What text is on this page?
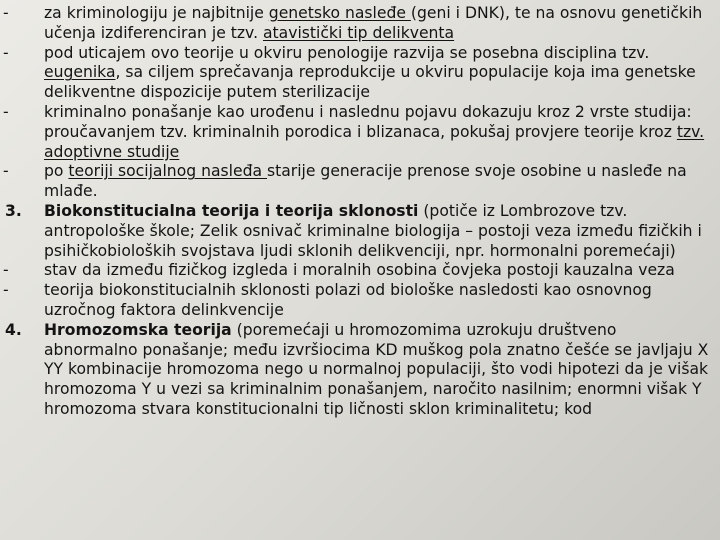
-	za kriminologiju je najbitnije genetsko nasleđe (geni i DNK), te na osnovu genetičkih učenja izdiferenciran je tzv. atavistički tip delikventa
-	pod uticajem ovo teorije u okviru penologije razvija se posebna disciplina tzv. eugenika, sa ciljem sprečavanja reprodukcije u okviru populacije koja ima genetske delikventne dispozicije putem sterilizacije
-	kriminalno ponašanje kao urođenu i naslednu pojavu dokazuju kroz 2 vrste studija: proučavanjem tzv. kriminalnih porodica i blizanaca, pokušaj provjere teorije kroz tzv. adoptivne studije
-	po teoriji socijalnog nasleđa starije generacije prenose svoje osobine u nasleđe na mlađe.
3.	Biokonstitucialna teorija i teorija sklonosti (potiče iz Lombrozove tzv. antropološke škole; Zelik osnivač kriminalne biologija – postoji veza između fizičkih i psihičkobioloških svojstava ljudi sklonih delikvenciji, npr. hormonalni poremećaji)
-	stav da između fizičkog izgleda i moralnih osobina čovjeka postoji kauzalna veza
-	teorija biokonstitucialnih sklonosti polazi od biološke nasledosti kao osnovnog uzročnog faktora delinkvencije
4.	Hromozomska teorija (poremećaji u hromozomima uzrokuju društveno abnormalno ponašanje; među izvršiocima KD muškog pola znatno češće se javljaju X YY kombinacije hromozoma nego u normalnoj populaciji, što vodi hipotezi da je višak hromozoma Y u vezi sa kriminalnim ponašanjem, naročito nasilnim; enormni višak Y hromozoma stvara konstitucionalni tip ličnosti sklon kriminalitetu; kod
